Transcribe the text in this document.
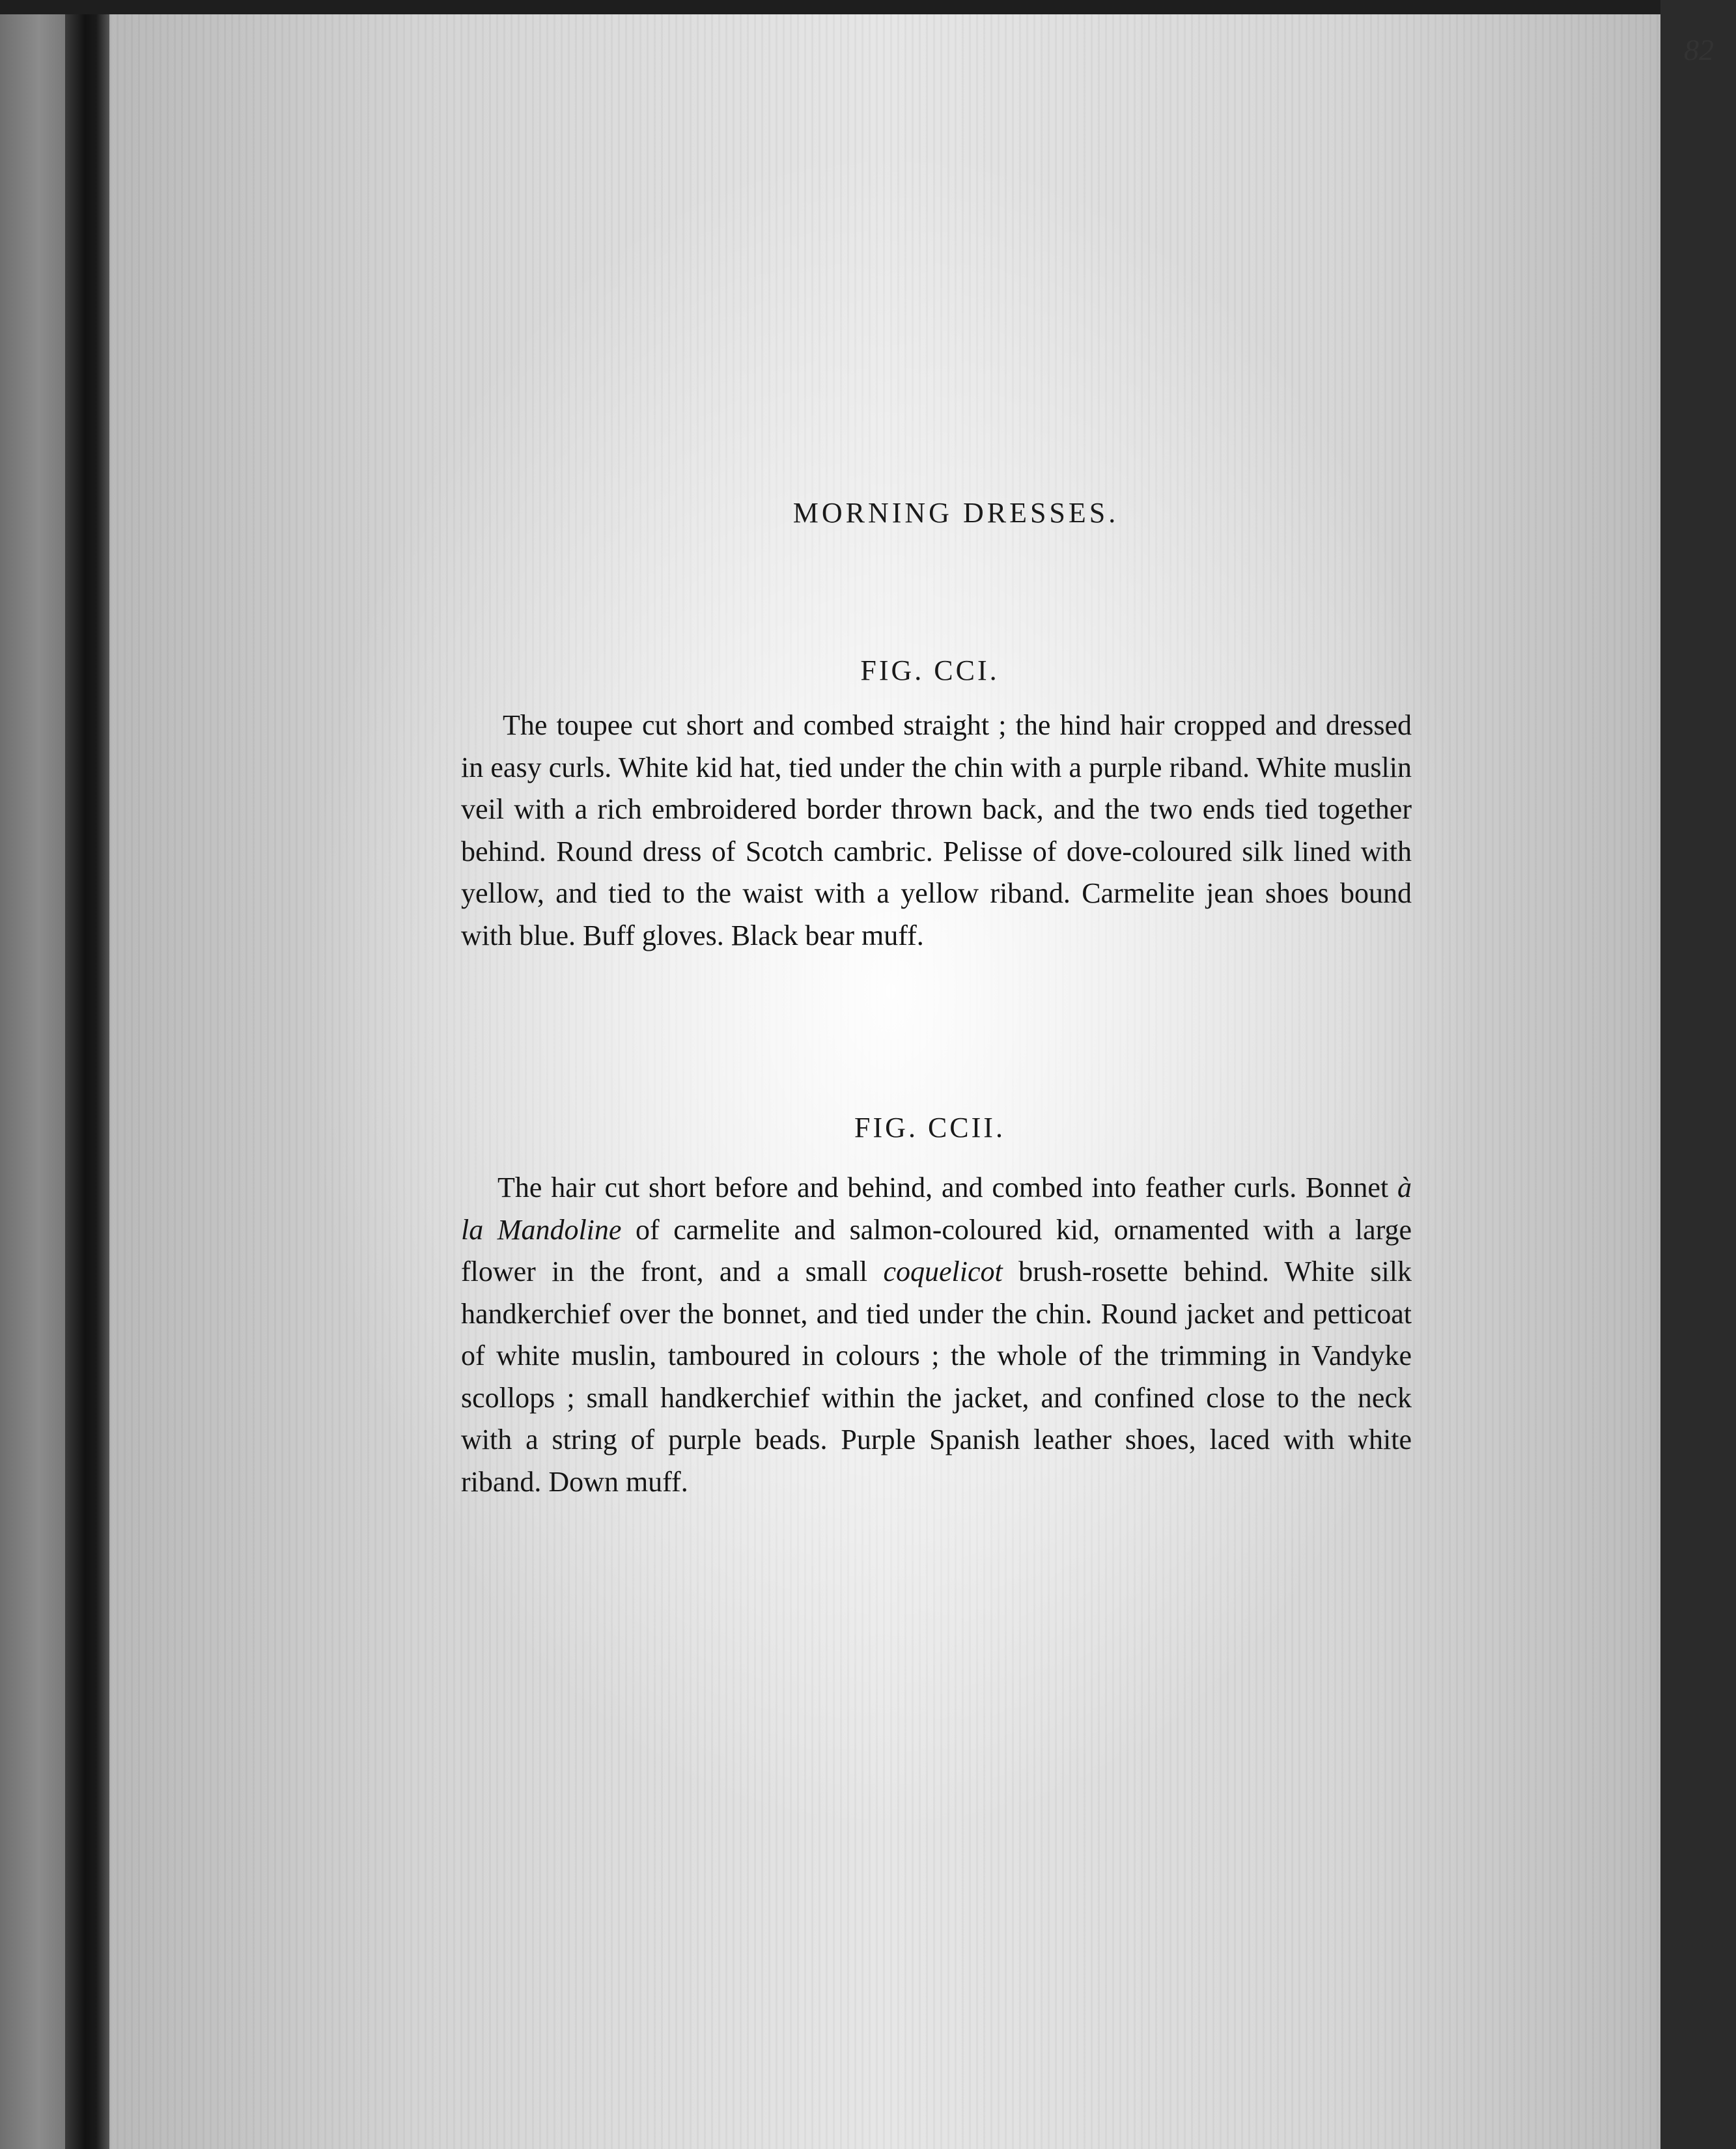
82
MORNING DRESSES.
FIG. CCI.

The toupee cut short and combed straight ; the hind hair cropped and dressed in easy curls. White kid hat, tied under the chin with a purple riband. White muslin veil with a rich embroidered border thrown back, and the two ends tied together behind. Round dress of Scotch cambric. Pelisse of dove-coloured silk lined with yellow, and tied to the waist with a yellow riband. Carmelite jean shoes bound with blue. Buff gloves. Black bear muff.

FIG. CCII.

The hair cut short before and behind, and combed into feather curls. Bonnet à la Mandoline of carmelite and salmon-coloured kid, ornamented with a large flower in the front, and a small coquelicot brush-rosette behind. White silk handkerchief over the bonnet, and tied under the chin. Round jacket and petticoat of white muslin, tamboured in colours ; the whole of the trimming in Vandyke scollops ; small handkerchief within the jacket, and confined close to the neck with a string of purple beads. Purple Spanish leather shoes, laced with white riband. Down muff.
